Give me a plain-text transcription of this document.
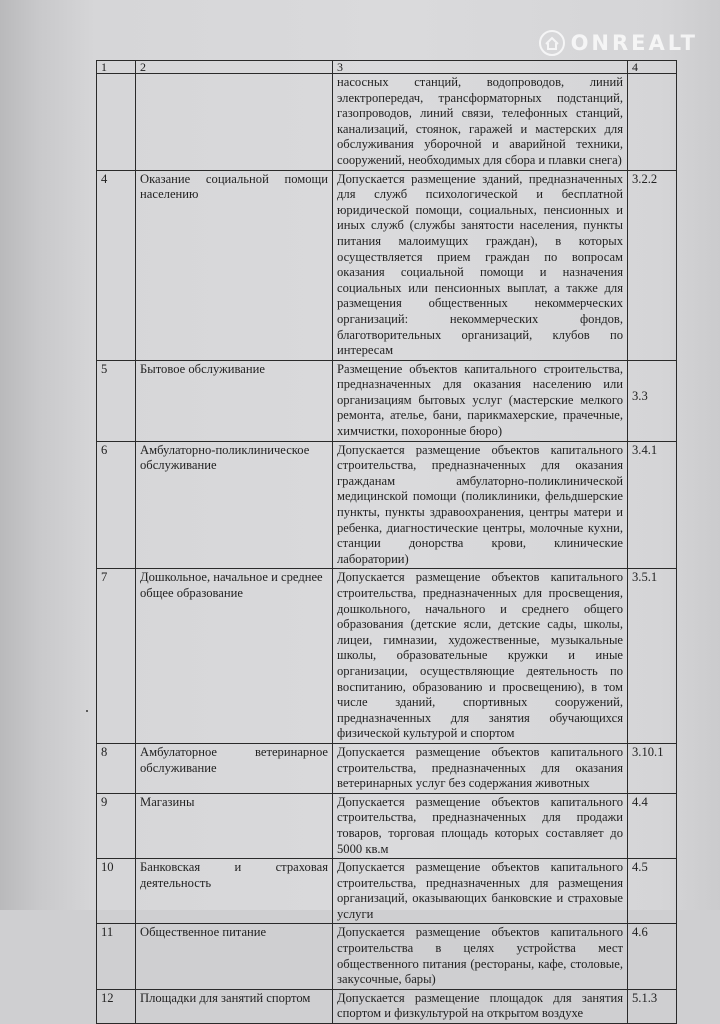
ONREALT
1	2	3	4
		насосных станций, водопроводов, линий электропередач, трансформаторных подстанций, газопроводов, линий связи, телефонных станций, канализаций, стоянок, гаражей и мастерских для обслуживания уборочной и аварийной техники, сооружений, необходимых для сбора и плавки снега)	
4	Оказание социальной помощи населению	Допускается размещение зданий, предназначенных для служб психологической и бесплатной юридической помощи, социальных, пенсионных и иных служб (службы занятости населения, пункты питания малоимущих граждан), в которых осуществляется прием граждан по вопросам оказания социальной помощи и назначения социальных или пенсионных выплат, а также для размещения общественных некоммерческих организаций: некоммерческих фондов, благотворительных организаций, клубов по интересам	3.2.2
5	Бытовое обслуживание	Размещение объектов капитального строительства, предназначенных для оказания населению или организациям бытовых услуг (мастерские мелкого ремонта, ателье, бани, парикмахерские, прачечные, химчистки, похоронные бюро)	3.3
6	Амбулаторно-поликлиническое обслуживание	Допускается размещение объектов капитального строительства, предназначенных для оказания гражданам амбулаторно-поликлинической медицинской помощи (поликлиники, фельдшерские пункты, пункты здравоохранения, центры матери и ребенка, диагностические центры, молочные кухни, станции донорства крови, клинические лаборатории)	3.4.1
7	Дошкольное, начальное и среднее общее образование	Допускается размещение объектов капитального строительства, предназначенных для просвещения, дошкольного, начального и среднего общего образования (детские ясли, детские сады, школы, лицеи, гимназии, художественные, музыкальные школы, образовательные кружки и иные организации, осуществляющие деятельность по воспитанию, образованию и просвещению), в том числе зданий, спортивных сооружений, предназначенных для занятия обучающихся физической культурой и спортом	3.5.1
8	Амбулаторное ветеринарное обслуживание	Допускается размещение объектов капитального строительства, предназначенных для оказания ветеринарных услуг без содержания животных	3.10.1
9	Магазины	Допускается размещение объектов капитального строительства, предназначенных для продажи товаров, торговая площадь которых составляет до 5000 кв.м	4.4
10	Банковская и страховая деятельность	Допускается размещение объектов капитального строительства, предназначенных для размещения организаций, оказывающих банковские и страховые услуги	4.5
11	Общественное питание	Допускается размещение объектов капитального строительства в целях устройства мест общественного питания (рестораны, кафе, столовые, закусочные, бары)	4.6
12	Площадки для занятий спортом	Допускается размещение площадок для занятия спортом и физкультурой на открытом воздухе	5.1.3
